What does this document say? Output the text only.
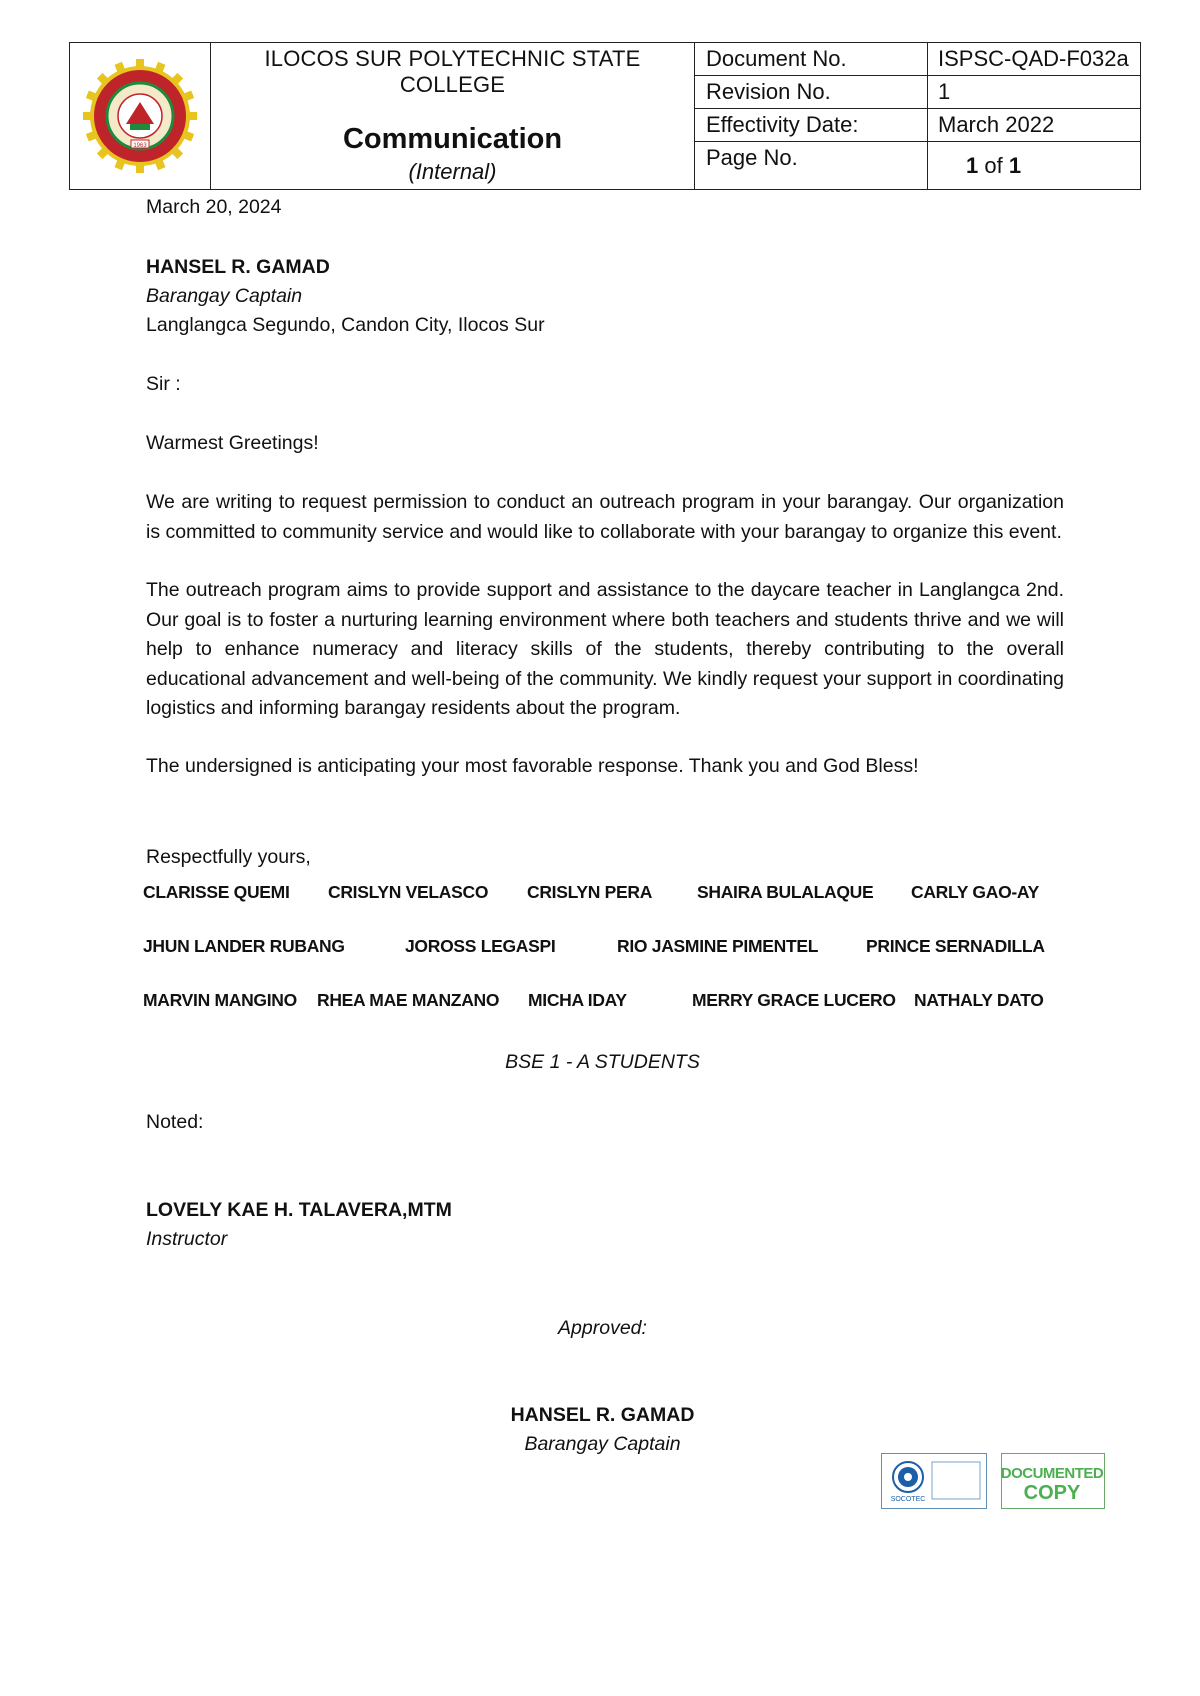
1963
ILOCOS SUR POLYTECHNIC STATE COLLEGE
Communication
(Internal)
Document No.	ISPSC-QAD-F032a
Revision No.	1
Effectivity Date:	March 2022
Page No.	1 of 1
March 20, 2024
HANSEL R. GAMAD
Barangay Captain
Langlangca Segundo, Candon City, Ilocos Sur
Sir :
Warmest Greetings!
We are writing to request permission to conduct an outreach program in your barangay. Our organization is committed to community service and would like to collaborate with your barangay to organize this event.
The outreach program aims to provide support and assistance to the daycare teacher in Langlangca 2nd. Our goal is to foster a nurturing learning environment where both teachers and students thrive and we will help to enhance numeracy and literacy skills of the students, thereby contributing to the overall educational advancement and well-being of the community. We kindly request your support in coordinating logistics and informing barangay residents about the program.
The undersigned is anticipating your most favorable response. Thank you and God Bless!
Respectfully yours,
CLARISSE QUEMI CRISLYN VELASCO CRISLYN PERA	SHAIRA BULALAQUE CARLY GAO-AY
JHUN LANDER RUBANG	JOROSS LEGASPI	RIO JASMINE PIMENTEL	PRINCE SERNADILLA
MARVIN MANGINO RHEA MAE MANZANO MICHA IDAY	MERRY GRACE LUCERO NATHALY DATO
BSE 1 - A STUDENTS
Noted:
LOVELY KAE H. TALAVERA,MTM
Instructor
Approved:
HANSEL R. GAMAD
Barangay Captain
SOCOTEC
DOCUMENTED
COPY
